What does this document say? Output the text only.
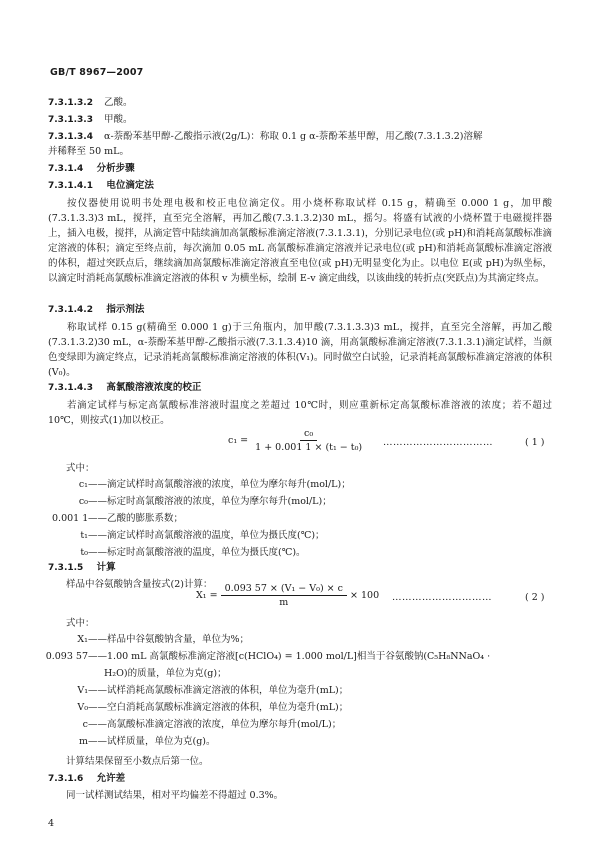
GB/T 8967—2007
7.3.1.3.2 乙酸。
7.3.1.3.3 甲酸。
7.3.1.3.4 α-萘酚苯基甲醇-乙酸指示液(2g/L)：称取 0.1 g α-萘酚苯基甲醇，用乙酸(7.3.1.3.2)溶解
并稀释至 50 mL。
7.3.1.4 分析步骤
7.3.1.4.1 电位滴定法
按仪器使用说明书处理电极和校正电位滴定仪。用小烧杯称取试样 0.15 g，精确至 0.000 1 g，加甲酸(7.3.1.3.3)3 mL，搅拌，直至完全溶解，再加乙酸(7.3.1.3.2)30 mL，摇匀。将盛有试液的小烧杯置于电磁搅拌器上，插入电极，搅拌，从滴定管中陆续滴加高氯酸标准滴定溶液(7.3.1.3.1)，分别记录电位(或 pH)和消耗高氯酸标准滴定溶液的体积；滴定至终点前，每次滴加 0.05 mL 高氯酸标准滴定溶液并记录电位(或 pH)和消耗高氯酸标准滴定溶液的体积，超过突跃点后，继续滴加高氯酸标准滴定溶液直至电位(或 pH)无明显变化为止。以电位 E(或 pH)为纵坐标，以滴定时消耗高氯酸标准滴定溶液的体积 v 为横坐标，绘制 E-v 滴定曲线，以该曲线的转折点(突跃点)为其滴定终点。
7.3.1.4.2 指示剂法
称取试样 0.15 g(精确至 0.000 1 g)于三角瓶内，加甲酸(7.3.1.3.3)3 mL，搅拌，直至完全溶解，再加乙酸(7.3.1.3.2)30 mL，α-萘酚苯基甲醇-乙酸指示液(7.3.1.3.4)10 滴，用高氯酸标准滴定溶液(7.3.1.3.1)滴定试样，当颜色变绿即为滴定终点，记录消耗高氯酸标准滴定溶液的体积(V₁)。同时做空白试验，记录消耗高氯酸标准滴定溶液的体积(V₀)。
7.3.1.4.3 高氯酸溶液浓度的校正
若滴定试样与标定高氯酸标准溶液时温度之差超过 10℃时，则应重新标定高氯酸标准溶液的浓度；若不超过 10℃，则按式(1)加以校正。
$c_1 = \frac{\text{c₀}}{\text{1 + 0.001 1 × (t₁ − t₀)}}$ ……………………………	( 1 )
式中：
c₁——滴定试样时高氯酸溶液的浓度，单位为摩尔每升(mol/L)；
c₀——标定时高氯酸溶液的浓度，单位为摩尔每升(mol/L)；
0.001 1——乙酸的膨胀系数；
t₁——滴定试样时高氯酸溶液的温度，单位为摄氏度(℃)；
t₀——标定时高氯酸溶液的温度，单位为摄氏度(℃)。
7.3.1.5 计算
样品中谷氨酸钠含量按式(2)计算：
$X_1 = \frac{\text{0.093 57 × (V₁ − V₀) × c}}{m} \times 100$ …………………………	( 2 )
式中：
X₁——样品中谷氨酸钠含量，单位为%；
0.093 57——1.00 mL 高氯酸标准滴定溶液[c(HClO₄) = 1.000 mol/L]相当于谷氨酸钠(C₅H₈NNaO₄ ·
H₂O)的质量，单位为克(g)；
V₁——试样消耗高氯酸标准滴定溶液的体积，单位为毫升(mL)；
V₀——空白消耗高氯酸标准滴定溶液的体积，单位为毫升(mL)；
c——高氯酸标准滴定溶液的浓度，单位为摩尔每升(mol/L)；
m——试样质量，单位为克(g)。
计算结果保留至小数点后第一位。
7.3.1.6 允许差
同一试样测试结果，相对平均偏差不得超过 0.3%。
4
